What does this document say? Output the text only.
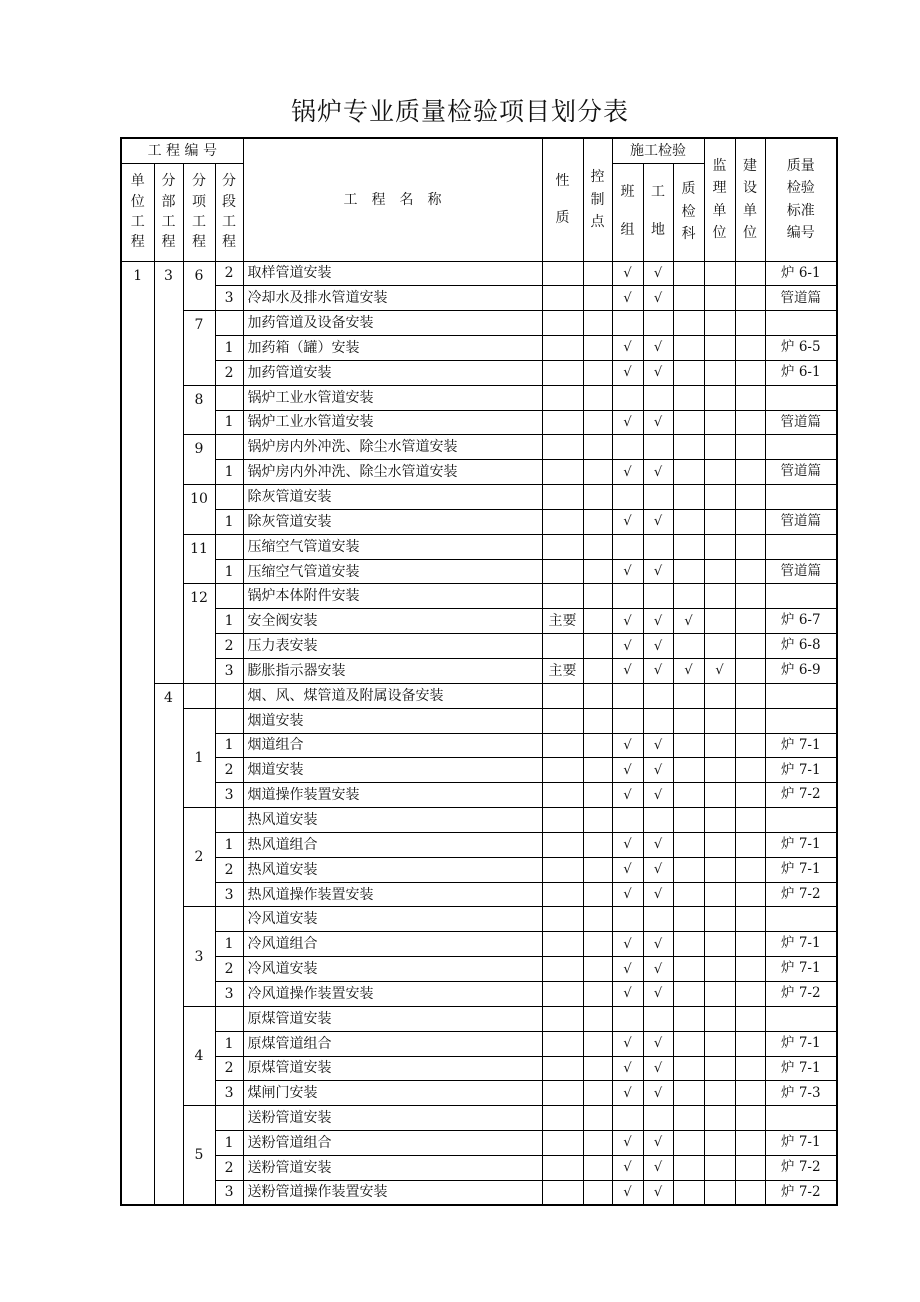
锅炉专业质量检验项目划分表
工 程 编 号				工　程　名　称	性质	控制点	施工检验			监理单位	建设单位	质量检验标准编号
单位工程	分部工程	分项工程	分段工程				班组	工地	质检科			
1	3	6	2	取样管道安装			√	√				炉 6-1
			3	冷却水及排水管道安装			√	√				管道篇
		7		加药管道及设备安装								
			1	加药箱（罐）安装			√	√				炉 6-5
			2	加药管道安装			√	√				炉 6-1
		8		锅炉工业水管道安装								
			1	锅炉工业水管道安装			√	√				管道篇
		9		锅炉房内外冲洗、除尘水管道安装								
			1	锅炉房内外冲洗、除尘水管道安装			√	√				管道篇
		10		除灰管道安装								
			1	除灰管道安装			√	√				管道篇
		11		压缩空气管道安装								
			1	压缩空气管道安装			√	√				管道篇
		12		锅炉本体附件安装								
			1	安全阀安装	主要		√	√	√			炉 6-7
			2	压力表安装			√	√				炉 6-8
			3	膨胀指示器安装	主要		√	√	√	√		炉 6-9
	4			烟、风、煤管道及附属设备安装								
		1		烟道安装								
			1	烟道组合			√	√				炉 7-1
			2	烟道安装			√	√				炉 7-1
			3	烟道操作装置安装			√	√				炉 7-2
		2		热风道安装								
			1	热风道组合			√	√				炉 7-1
			2	热风道安装			√	√				炉 7-1
			3	热风道操作装置安装			√	√				炉 7-2
		3		冷风道安装								
			1	冷风道组合			√	√				炉 7-1
			2	冷风道安装			√	√				炉 7-1
			3	冷风道操作装置安装			√	√				炉 7-2
		4		原煤管道安装								
			1	原煤管道组合			√	√				炉 7-1
			2	原煤管道安装			√	√				炉 7-1
			3	煤闸门安装			√	√				炉 7-3
		5		送粉管道安装								
			1	送粉管道组合			√	√				炉 7-1
			2	送粉管道安装			√	√				炉 7-2
			3	送粉管道操作装置安装			√	√				炉 7-2
